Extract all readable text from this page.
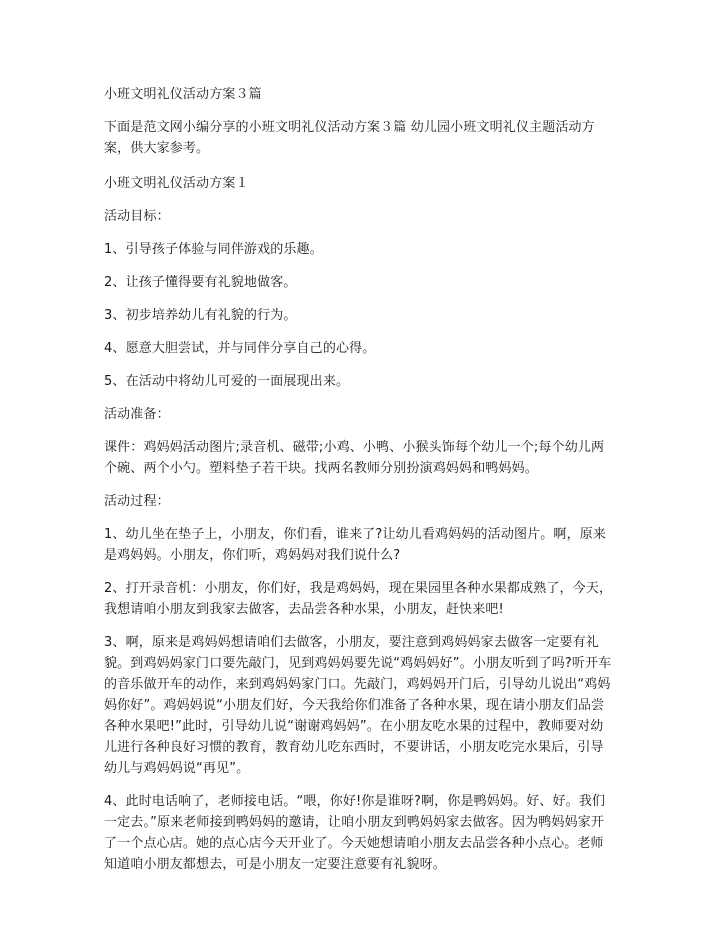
小班文明礼仪活动方案３篇

下面是范文网小编分享的小班文明礼仪活动方案３篇 幼儿园小班文明礼仪主题活动方案，供大家参考。

小班文明礼仪活动方案１

活动目标：

1、引导孩子体验与同伴游戏的乐趣。

2、让孩子懂得要有礼貌地做客。

3、初步培养幼儿有礼貌的行为。

4、愿意大胆尝试，并与同伴分享自己的心得。

5、在活动中将幼儿可爱的一面展现出来。

活动准备：

课件：鸡妈妈活动图片;录音机、磁带;小鸡、小鸭、小猴头饰每个幼儿一个;每个幼儿两个碗、两个小勺。塑料垫子若干块。找两名教师分别扮演鸡妈妈和鸭妈妈。

活动过程：

1、幼儿坐在垫子上，小朋友，你们看，谁来了?让幼儿看鸡妈妈的活动图片。啊，原来是鸡妈妈。小朋友，你们听，鸡妈妈对我们说什么?

2、打开录音机：小朋友，你们好，我是鸡妈妈，现在果园里各种水果都成熟了，今天，我想请咱小朋友到我家去做客，去品尝各种水果，小朋友，赶快来吧!

3、啊，原来是鸡妈妈想请咱们去做客，小朋友，要注意到鸡妈妈家去做客一定要有礼貌。到鸡妈妈家门口要先敲门，见到鸡妈妈要先说“鸡妈妈好”。小朋友听到了吗?听开车的音乐做开车的动作，来到鸡妈妈家门口。先敲门，鸡妈妈开门后，引导幼儿说出“鸡妈妈你好”。鸡妈妈说“小朋友们好，今天我给你们准备了各种水果，现在请小朋友们品尝各种水果吧!”此时，引导幼儿说“谢谢鸡妈妈”。在小朋友吃水果的过程中，教师要对幼儿进行各种良好习惯的教育，教育幼儿吃东西时，不要讲话，小朋友吃完水果后，引导幼儿与鸡妈妈说“再见”。

4、此时电话响了，老师接电话。“喂，你好!你是谁呀?啊，你是鸭妈妈。好、好。我们一定去。”原来老师接到鸭妈妈的邀请，让咱小朋友到鸭妈妈家去做客。因为鸭妈妈家开了一个点心店。她的点心店今天开业了。今天她想请咱小朋友去品尝各种小点心。老师知道咱小朋友都想去，可是小朋友一定要注意要有礼貌呀。
